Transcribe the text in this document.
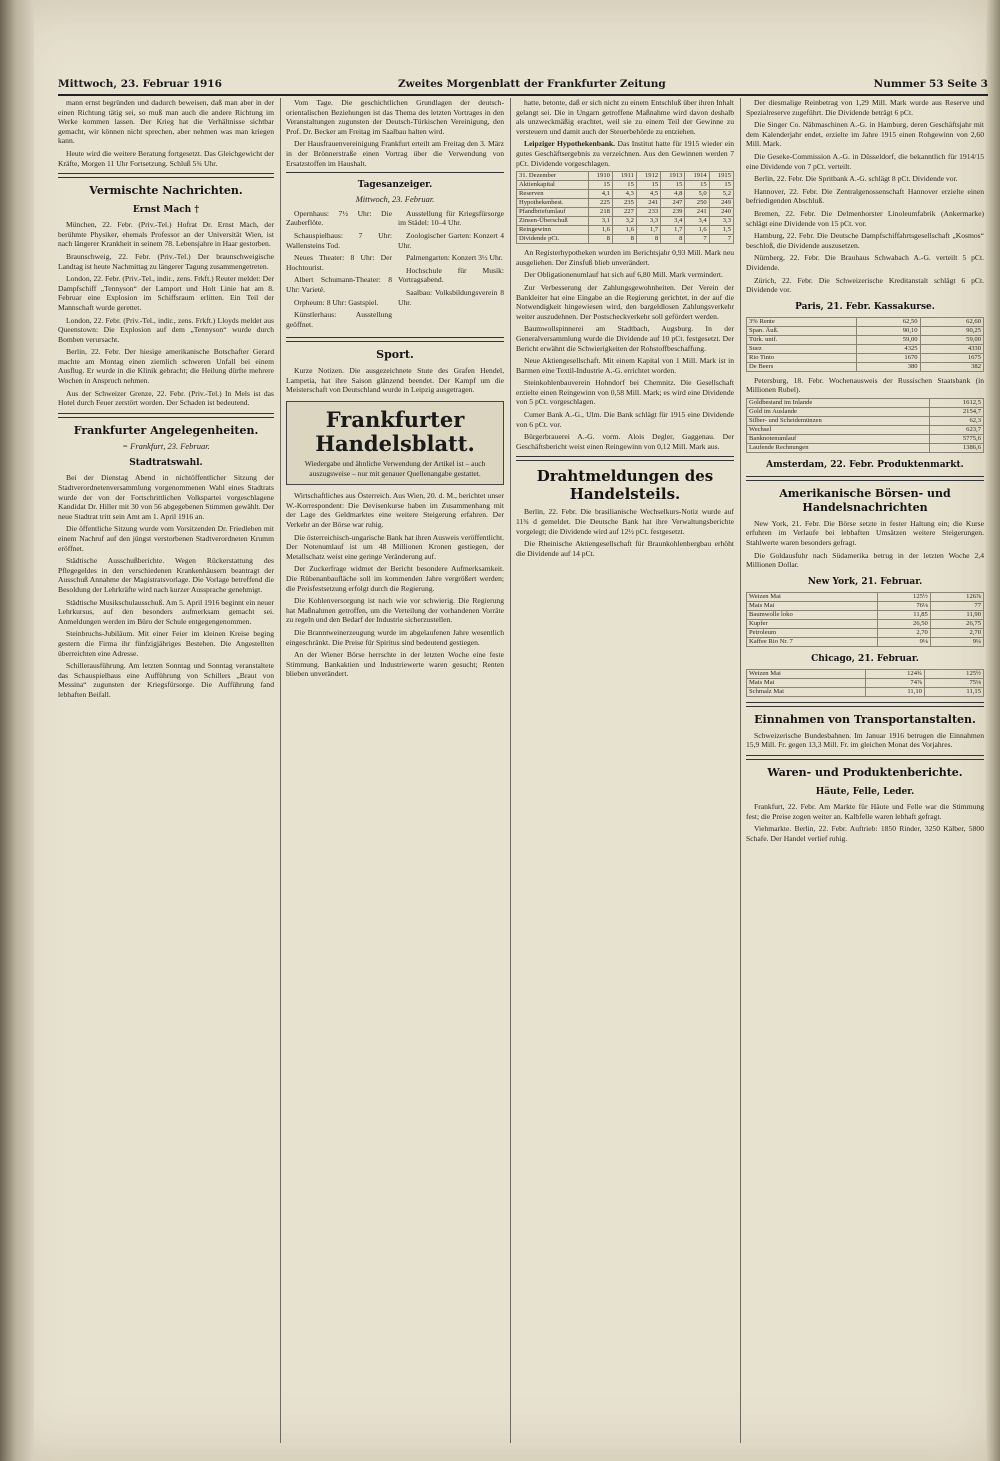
Mittwoch, 23. Februar 1916	Zweites Morgenblatt der Frankfurter Zeitung	Nummer 53 Seite 3

mann ernst begründen und dadurch beweisen, daß man aber in der einen Richtung tätig sei, so muß man auch die andere Richtung im Werke kommen lassen. Der Krieg hat die Verhältnisse sichtbar gemacht, wir können nicht sprechen, aber nehmen was man kriegen kann.

Heute wird die weitere Beratung fortgesetzt. Das Gleichgewicht der Kräfte, Morgen 11 Uhr Fortsetzung. Schluß 5¾ Uhr.

Vermischte Nachrichten.
Ernst Mach †

München, 22. Febr. (Priv.-Tel.) Hofrat Dr. Ernst Mach, der berühmte Physiker, ehemals Professor an der Universität Wien, ist nach längerer Krankheit in seinem 78. Lebensjahre in Haar gestorben.

Braunschweig, 22. Febr. (Priv.-Tel.) Der braunschweigische Landtag ist heute Nachmittag zu längerer Tagung zusammengetreten.

London, 22. Febr. (Priv.-Tel., indir., zens. Frkft.) Reuter meldet: Der Dampfschiff „Tennyson“ der Lamport und Holt Linie hat am 8. Februar eine Explosion im Schiffsraum erlitten. Ein Teil der Mannschaft wurde gerettet.

London, 22. Febr. (Priv.-Tel., indir., zens. Frkft.) Lloyds meldet aus Queenstown: Die Explosion auf dem „Tennyson“ wurde durch Bomben verursacht.

Berlin, 22. Febr. Der hiesige amerikanische Botschafter Gerard machte am Montag einen ziemlich schweren Unfall bei einem Ausflug. Er wurde in die Klinik gebracht; die Heilung dürfte mehrere Wochen in Anspruch nehmen.

Aus der Schweizer Grenze, 22. Febr. (Priv.-Tel.) In Mels ist das Hotel durch Feuer zerstört worden. Der Schaden ist bedeutend.

Frankfurter Angelegenheiten.
= Frankfurt, 23. Februar.
Stadtratswahl.

Bei der Dienstag Abend in nichtöffentlicher Sitzung der Stadtverordnetenversammlung vorgenommenen Wahl eines Stadtrats wurde der von der Fortschrittlichen Volkspartei vorgeschlagene Kandidat Dr. Hiller mit 30 von 56 abgegebenen Stimmen gewählt. Der neue Stadtrat tritt sein Amt am 1. April 1916 an.

Die öffentliche Sitzung wurde vom Vorsitzenden Dr. Friedleben mit einem Nachruf auf den jüngst verstorbenen Stadtverordneten Krumm eröffnet.

Städtische Ausschußberichte. Wegen Rückerstattung des Pflegegeldes in den verschiedenen Krankenhäusern beantragt der Ausschuß Annahme der Magistratsvorlage. Die Vorlage betreffend die Besoldung der Lehrkräfte wird nach kurzer Aussprache genehmigt.

Städtische Musikschulausschuß. Am 5. April 1916 beginnt ein neuer Lehrkursus, auf den besonders aufmerksam gemacht sei. Anmeldungen werden im Büro der Schule entgegengenommen.

Steinbruchs-Jubiläum. Mit einer Feier im kleinen Kreise beging gestern die Firma ihr fünfzigjähriges Bestehen. Die Angestellten überreichten eine Adresse.

Schillerausführung. Am letzten Sonntag und Sonntag veranstaltete das Schauspielhaus eine Aufführung von Schillers „Braut von Messina“ zugunsten der Kriegsfürsorge. Die Aufführung fand lebhaften Beifall.

Vom Tage. Die geschichtlichen Grundlagen der deutsch-orientalischen Beziehungen ist das Thema des letzten Vortrages in den Veranstaltungen zugunsten der Deutsch-Türkischen Vereinigung, den Prof. Dr. Becker am Freitag im Saalbau halten wird.

Der Hausfrauenvereinigung Frankfurt erteilt am Freitag den 3. März in der Brönnerstraße einen Vortrag über die Verwendung von Ersatzstoffen im Haushalt.

Tagesanzeiger.
Mittwoch, 23. Februar.

Opernhaus: 7½ Uhr: Die Zauberflöte.

Schauspielhaus: 7 Uhr: Wallensteins Tod.

Neues Theater: 8 Uhr: Der Hochtourist.

Albert Schumann-Theater: 8 Uhr: Varieté.

Orpheum: 8 Uhr: Gastspiel.

Künstlerhaus: Ausstellung geöffnet.

Ausstellung für Kriegsfürsorge im Städel: 10–4 Uhr.

Zoologischer Garten: Konzert 4 Uhr.

Palmengarten: Konzert 3½ Uhr.

Hochschule für Musik: Vortragsabend.

Saalbau: Volksbildungsverein 8 Uhr.

Sport.

Kurze Notizen. Die ausgezeichnete Stute des Grafen Hendel, Lampetia, hat ihre Saison glänzend beendet. Der Kampf um die Meisterschaft von Deutschland wurde in Leipzig ausgetragen.

Frankfurter Handelsblatt.
Wiedergabe und ähnliche Verwendung der Artikel ist – auch auszugsweise – nur mit genauer Quellenangabe gestattet.

Wirtschaftliches aus Österreich. Aus Wien, 20. d. M., berichtet unser W.-Korrespondent: Die Devisenkurse haben im Zusammenhang mit der Lage des Geldmarktes eine weitere Steigerung erfahren. Der Verkehr an der Börse war ruhig.

Die österreichisch-ungarische Bank hat ihren Ausweis veröffentlicht. Der Notenumlauf ist um 48 Millionen Kronen gestiegen, der Metallschatz weist eine geringe Veränderung auf.

Der Zuckerfrage widmet der Bericht besondere Aufmerksamkeit. Die Rübenanbaufläche soll im kommenden Jahre vergrößert werden; die Preisfestsetzung erfolgt durch die Regierung.

Die Kohlenversorgung ist nach wie vor schwierig. Die Regierung hat Maßnahmen getroffen, um die Verteilung der vorhandenen Vorräte zu regeln und den Bedarf der Industrie sicherzustellen.

Die Branntweinerzeugung wurde im abgelaufenen Jahre wesentlich eingeschränkt. Die Preise für Spiritus sind bedeutend gestiegen.

An der Wiener Börse herrschte in der letzten Woche eine feste Stimmung. Bankaktien und Industriewerte waren gesucht; Renten blieben unverändert.

hatte, betonte, daß er sich nicht zu einem Entschluß über ihren Inhalt gelangt sei. Die in Ungarn getroffene Maßnahme wird davon deshalb als unzweckmäßig erachtet, weil sie zu einem Teil der Gewinne zu versteuern und damit auch der Steuerbehörde zu entziehen.

Leipziger Hypothekenbank. Das Institut hatte für 1915 wieder ein gutes Geschäftsergebnis zu verzeichnen. Aus den Gewinnen werden 7 pCt. Dividende vorgeschlagen.

31. Dezember	1910	1911	1912	1913	1914	1915
Aktienkapital	15	15	15	15	15	15
Reserven	4,1	4,3	4,5	4,8	5,0	5,2
Hypothekenbest.	225	235	241	247	250	249
Pfandbriefumlauf	218	227	233	239	241	240
Zinsen-Überschuß	3,1	3,2	3,3	3,4	3,4	3,3
Reingewinn	1,6	1,6	1,7	1,7	1,6	1,5
Dividende pCt.	8	8	8	8	7	7

An Registerhypotheken wurden im Berichtsjahr 0,93 Mill. Mark neu ausgeliehen. Der Zinsfuß blieb unverändert.

Der Obligationenumlauf hat sich auf 6,80 Mill. Mark vermindert.

Zur Verbesserung der Zahlungsgewohnheiten. Der Verein der Bankleiter hat eine Eingabe an die Regierung gerichtet, in der auf die Notwendigkeit hingewiesen wird, den bargeldlosen Zahlungsverkehr weiter auszudehnen. Der Postscheckverkehr soll gefördert werden.

Baumwollspinnerei am Stadtbach, Augsburg. In der Generalversammlung wurde die Dividende auf 10 pCt. festgesetzt. Der Bericht erwähnt die Schwierigkeiten der Rohstoffbeschaffung.

Neue Aktiengesellschaft. Mit einem Kapital von 1 Mill. Mark ist in Barmen eine Textil-Industrie A.-G. errichtet worden.

Steinkohlenbauverein Hohndorf bei Chemnitz. Die Gesellschaft erzielte einen Reingewinn von 0,58 Mill. Mark; es wird eine Dividende von 5 pCt. vorgeschlagen.

Cumer Bank A.-G., Ulm. Die Bank schlägt für 1915 eine Dividende von 6 pCt. vor.

Bürgerbrauerei A.-G. vorm. Alois Degler, Gaggenau. Der Geschäftsbericht weist einen Reingewinn von 0,12 Mill. Mark aus.

Drahtmeldungen des Handelsteils.

Berlin, 22. Febr. Die brasilianische Wechselkurs-Notiz wurde auf 11¾ d gemeldet. Die Deutsche Bank hat ihre Verwaltungsberichte vorgelegt; die Dividende wird auf 12½ pCt. festgesetzt.

Die Rheinische Aktiengesellschaft für Braunkohlenbergbau erhöht die Dividende auf 14 pCt.

Der diesmalige Reinbetrag von 1,29 Mill. Mark wurde aus Reserve und Spezialreserve zugeführt. Die Dividende beträgt 6 pCt.

Die Singer Co. Nähmaschinen A.-G. in Hamburg, deren Geschäftsjahr mit dem Kalenderjahr endet, erzielte im Jahre 1915 einen Rohgewinn von 2,60 Mill. Mark.

Die Geseke-Commission A.-G. in Düsseldorf, die bekanntlich für 1914/15 eine Dividende von 7 pCt. verteilt.

Berlin, 22. Febr. Die Spritbank A.-G. schlägt 8 pCt. Dividende vor.

Hannover, 22. Febr. Die Zentralgenossenschaft Hannover erzielte einen befriedigenden Abschluß.

Bremen, 22. Febr. Die Delmenhorster Linoleumfabrik (Ankermarke) schlägt eine Dividende von 15 pCt. vor.

Hamburg, 22. Febr. Die Deutsche Dampfschiffahrtsgesellschaft „Kosmos“ beschloß, die Dividende auszusetzen.

Nürnberg, 22. Febr. Die Brauhaus Schwabach A.-G. verteilt 5 pCt. Dividende.

Zürich, 22. Febr. Die Schweizerische Kreditanstalt schlägt 6 pCt. Dividende vor.

Paris, 21. Febr. Kassakurse.
3% Rente	62,50	62,60
Span. Äuß.	90,10	90,25
Türk. unif.	59,00	59,00
Suez	4325	4330
Rio Tinto	1670	1675
De Beers	380	382

Petersburg, 18. Febr. Wochenausweis der Russischen Staatsbank (in Millionen Rubel).

Goldbestand im Inlande	1612,5
Gold im Auslande	2154,7
Silber- und Scheidemünzen	62,3
Wechsel	623,7
Banknotenumlauf	5775,6
Laufende Rechnungen	1386,6
Amsterdam, 22. Febr. Produktenmarkt.
Amerikanische Börsen- und Handelsnachrichten

New York, 21. Febr. Die Börse setzte in fester Haltung ein; die Kurse erfuhren im Verlaufe bei lebhaften Umsätzen weitere Steigerungen. Stahlwerte waren besonders gefragt.

Die Goldausfuhr nach Südamerika betrug in der letzten Woche 2,4 Millionen Dollar.

New York, 21. Februar.
Weizen Mai	125½	126⅞
Mais Mai	76⅛	77
Baumwolle loko	11,85	11,90
Kupfer	26,50	26,75
Petroleum	2,70	2,70
Kaffee Rio Nr. 7	9⅛	9¼
Chicago, 21. Februar.
Weizen Mai	124¾	125½
Mais Mai	74⅞	75⅛
Schmalz Mai	11,10	11,15
Einnahmen von Transportanstalten.

Schweizerische Bundesbahnen. Im Januar 1916 betrugen die Einnahmen 15,9 Mill. Fr. gegen 13,3 Mill. Fr. im gleichen Monat des Vorjahres.

Waren- und Produktenberichte.
Häute, Felle, Leder.

Frankfurt, 22. Febr. Am Markte für Häute und Felle war die Stimmung fest; die Preise zogen weiter an. Kalbfelle waren lebhaft gefragt.

Viehmarkte. Berlin, 22. Febr. Auftrieb: 1850 Rinder, 3250 Kälber, 5800 Schafe. Der Handel verlief ruhig.
